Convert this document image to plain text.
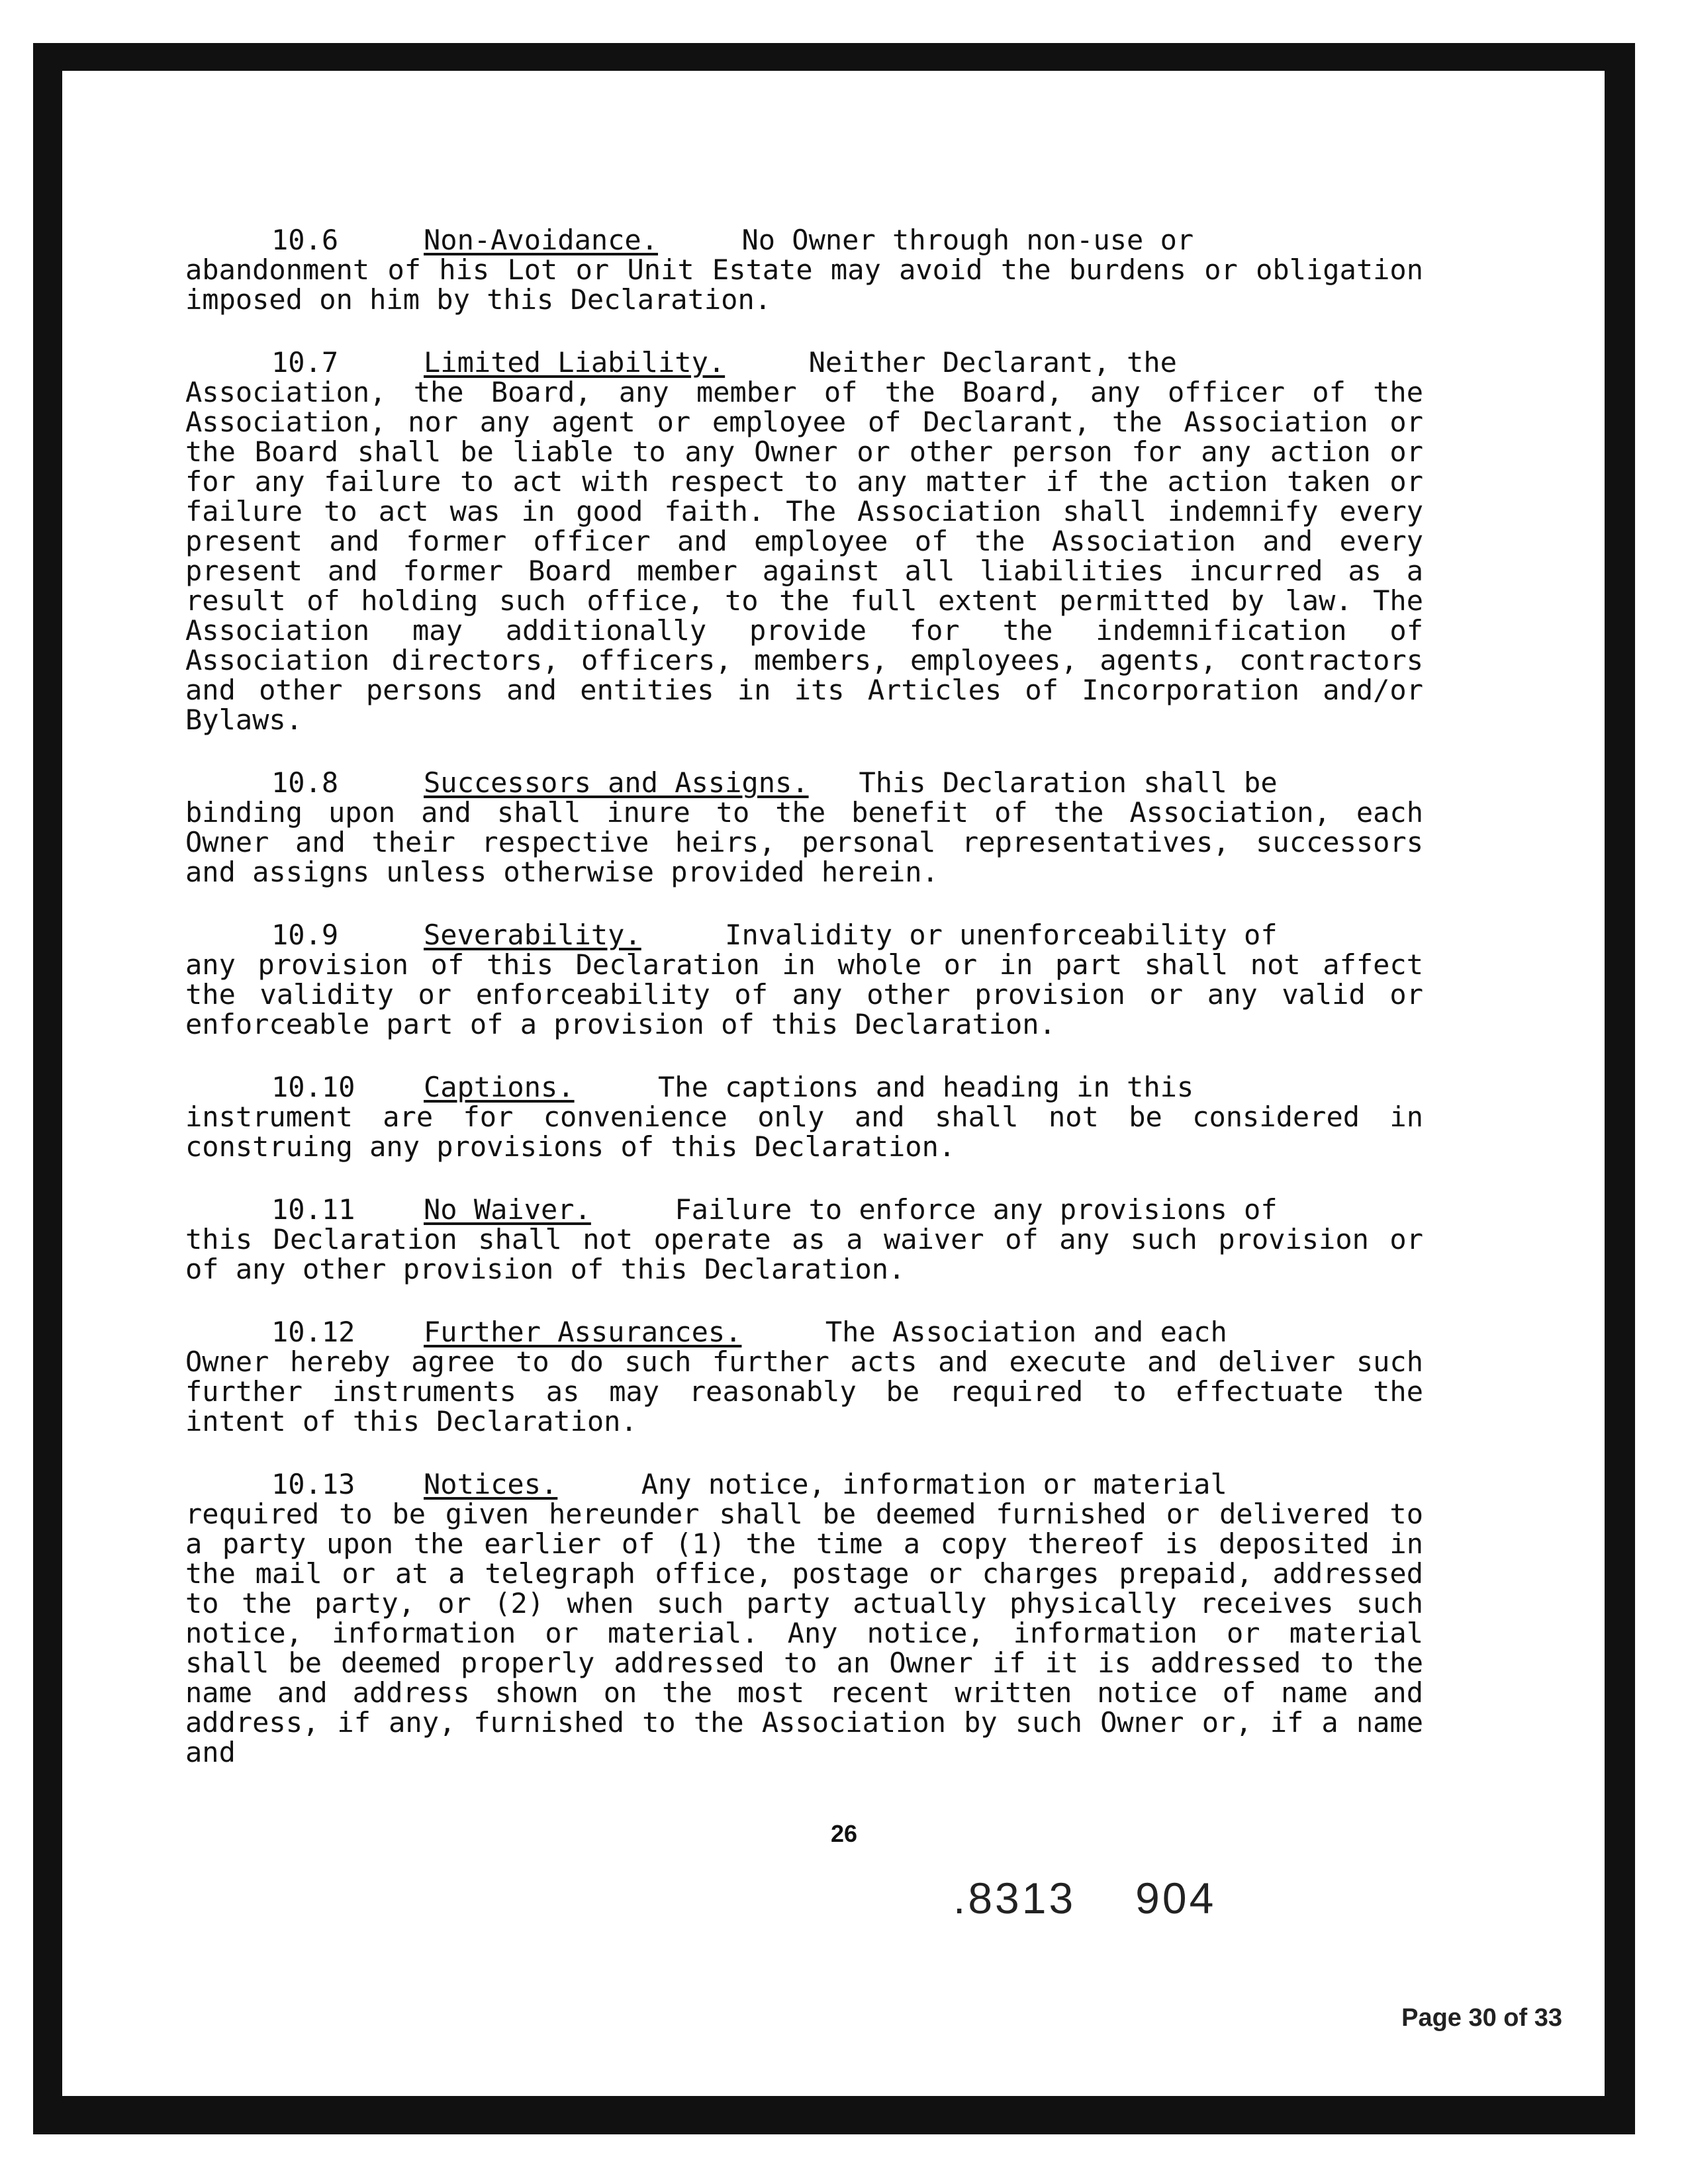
10.6	Non-Avoidance.	No Owner through non-use or
abandonment of his Lot or Unit Estate may avoid the burdens or obligation imposed on him by this Declaration.
10.7	Limited Liability.	Neither Declarant, the
Association, the Board, any member of the Board, any officer of the Association, nor any agent or employee of Declarant, the Association or the Board shall be liable to any Owner or other person for any action or for any failure to act with respect to any matter if the action taken or failure to act was in good faith. The Association shall indemnify every present and former officer and employee of the Association and every present and former Board member against all liabilities incurred as a result of holding such office, to the full extent permitted by law. The Association may additionally provide for the indemnification of Association directors, officers, members, employees, agents, contractors and other persons and entities in its Articles of Incorporation and/or Bylaws.
10.8	Successors and Assigns. This Declaration shall be
binding upon and shall inure to the benefit of the Association, each Owner and their respective heirs, personal representatives, successors and assigns unless otherwise provided herein.
10.9	Severability.	Invalidity or unenforceability of
any provision of this Declaration in whole or in part shall not affect the validity or enforceability of any other provision or any valid or enforceable part of a provision of this Declaration.
10.10 Captions.	The captions and heading in this
instrument are for convenience only and shall not be considered in construing any provisions of this Declaration.
10.11 No Waiver.	Failure to enforce any provisions of
this Declaration shall not operate as a waiver of any such provision or of any other provision of this Declaration.
10.12 Further Assurances.	The Association and each
Owner hereby agree to do such further acts and execute and deliver such further instruments as may reasonably be required to effectuate the intent of this Declaration.
10.13 Notices.	Any notice, information or material
required to be given hereunder shall be deemed furnished or delivered to a party upon the earlier of (1) the time a copy thereof is deposited in the mail or at a telegraph office, postage or charges prepaid, addressed to the party, or (2) when such party actually physically receives such notice, information or material. Any notice, information or material shall be deemed properly addressed to an Owner if it is addressed to the name and address shown on the most recent written notice of name and address, if any, furnished to the Association by such Owner or, if a name and
26
.8313 904
Page 30 of 33
